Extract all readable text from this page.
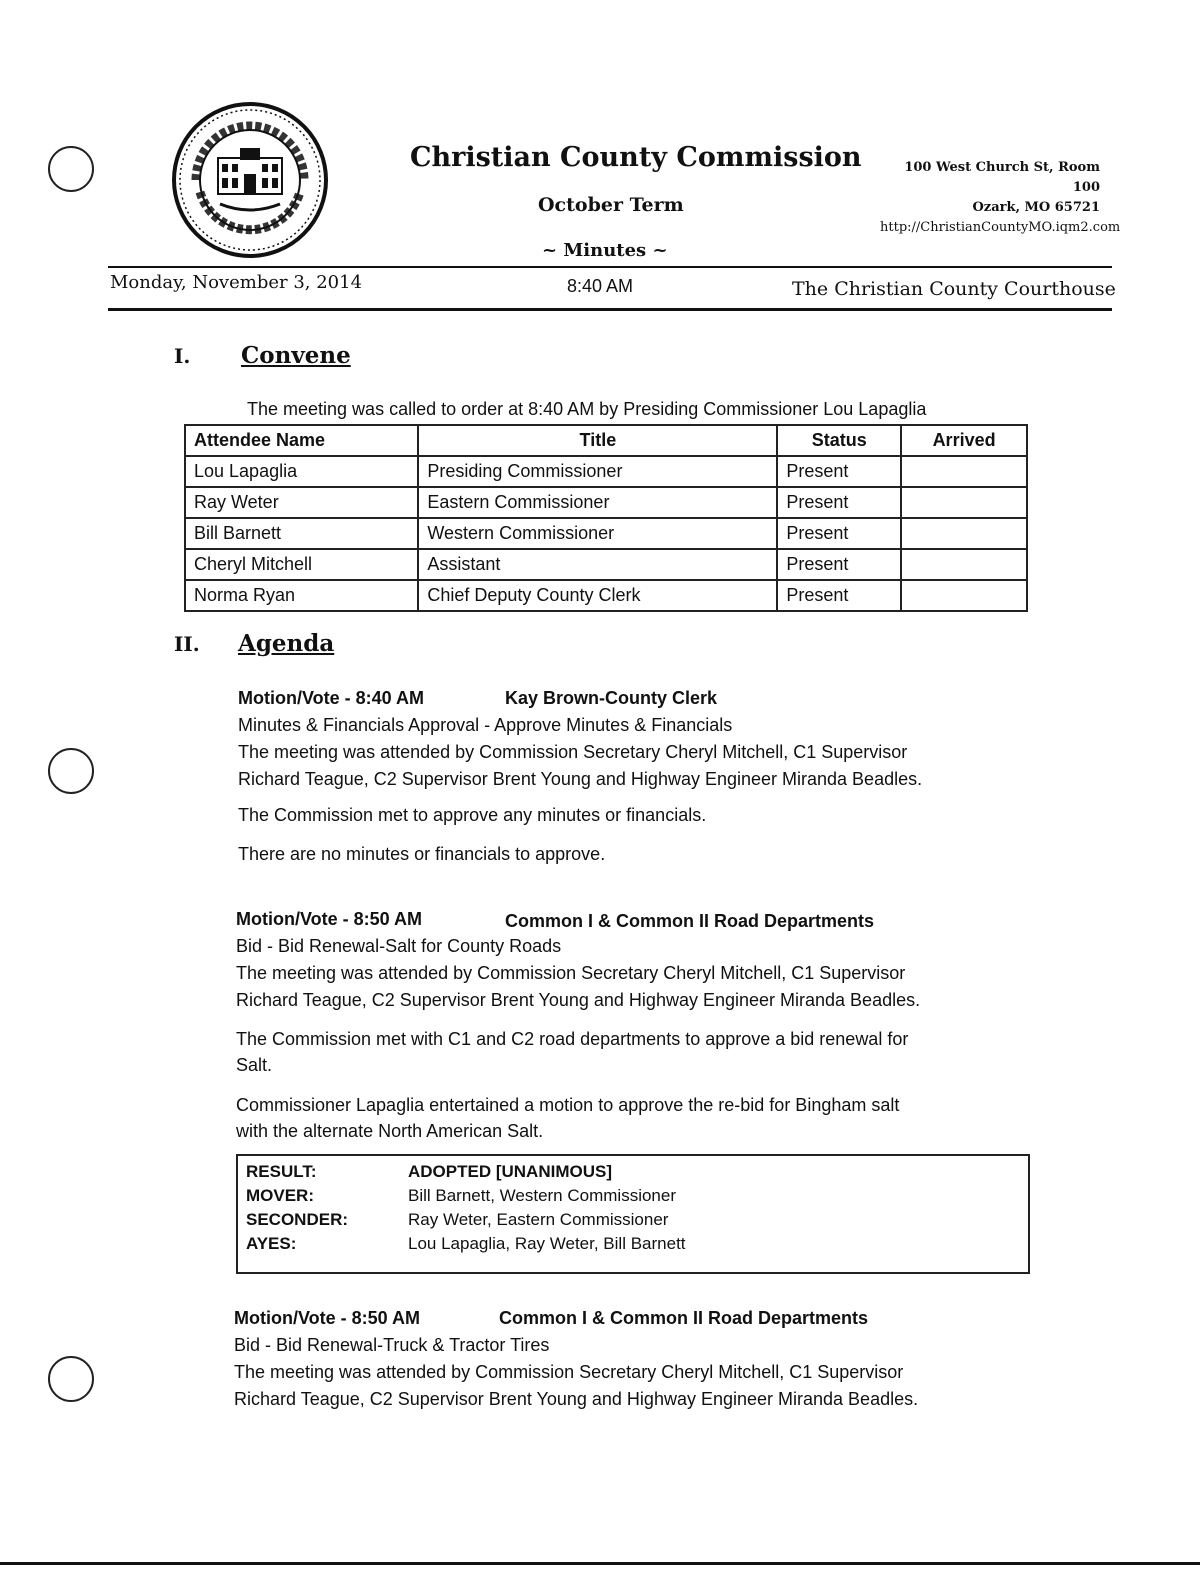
Christian County Commission
October Term
~ Minutes ~
100 West Church St, Room 100
Ozark, MO 65721
http://ChristianCountyMO.iqm2.com
Monday, November 3, 2014	8:40 AM	The Christian County Courthouse
I. Convene
The meeting was called to order at 8:40 AM by Presiding Commissioner Lou Lapaglia
Attendee Name	Title	Status	Arrived
Lou Lapaglia	Presiding Commissioner	Present	
Ray Weter	Eastern Commissioner	Present	
Bill Barnett	Western Commissioner	Present	
Cheryl Mitchell	Assistant	Present	
Norma Ryan	Chief Deputy County Clerk	Present	
II. Agenda
Motion/Vote - 8:40 AM	Kay Brown-County Clerk
Minutes & Financials Approval - Approve Minutes & Financials
The meeting was attended by Commission Secretary Cheryl Mitchell, C1 Supervisor
Richard Teague, C2 Supervisor Brent Young and Highway Engineer Miranda Beadles.
The Commission met to approve any minutes or financials.
There are no minutes or financials to approve.
Motion/Vote - 8:50 AM	Common I & Common II Road Departments
Bid - Bid Renewal-Salt for County Roads
The meeting was attended by Commission Secretary Cheryl Mitchell, C1 Supervisor
Richard Teague, C2 Supervisor Brent Young and Highway Engineer Miranda Beadles.
The Commission met with C1 and C2 road departments to approve a bid renewal for
Salt.
Commissioner Lapaglia entertained a motion to approve the re-bid for Bingham salt
with the alternate North American Salt.
RESULT:	ADOPTED [UNANIMOUS]
MOVER:	Bill Barnett, Western Commissioner
SECONDER:	Ray Weter, Eastern Commissioner
AYES:	Lou Lapaglia, Ray Weter, Bill Barnett
Motion/Vote - 8:50 AM	Common I & Common II Road Departments
Bid - Bid Renewal-Truck & Tractor Tires
The meeting was attended by Commission Secretary Cheryl Mitchell, C1 Supervisor
Richard Teague, C2 Supervisor Brent Young and Highway Engineer Miranda Beadles.
